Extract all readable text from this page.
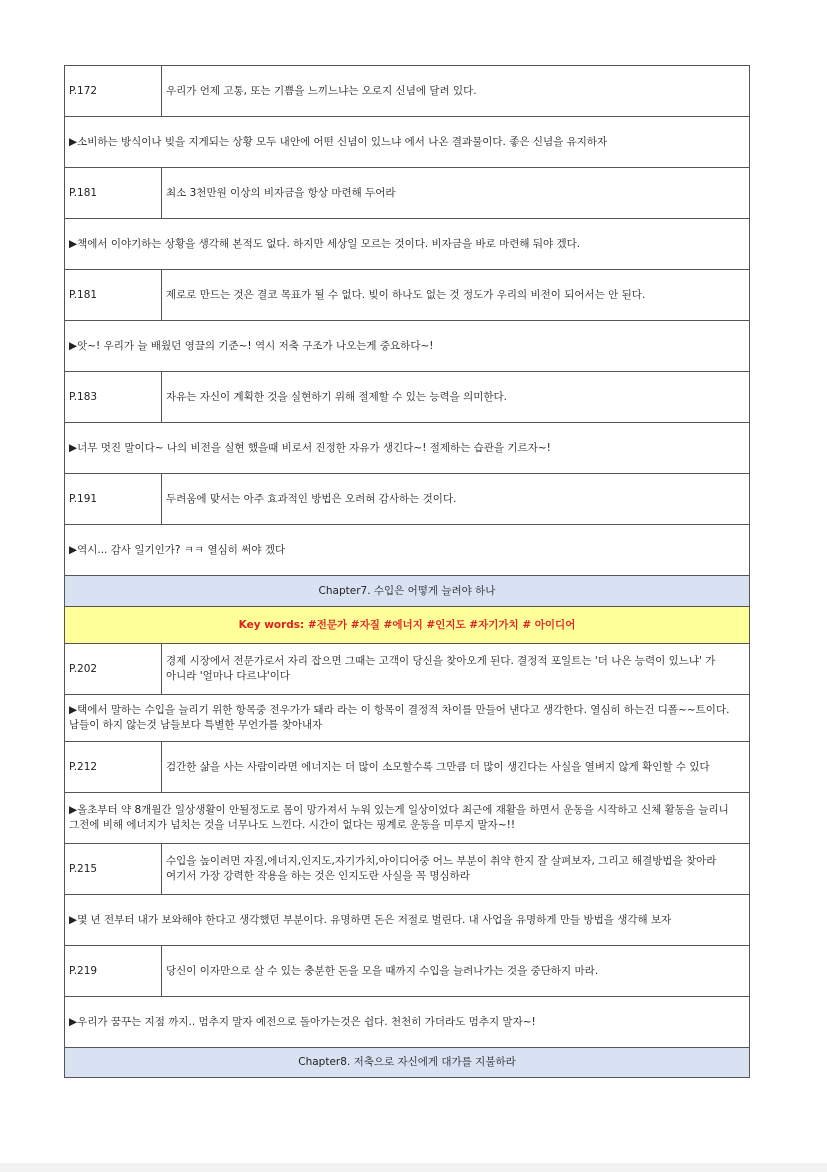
P.172	우리가 언제 고통, 또는 기쁨을 느끼느냐는 오로지 신념에 달려 있다.
▶소비하는 방식이나 빚을 지게되는 상황 모두 내안에 어떤 신념이 있느냐 에서 나온 결과물이다. 좋은 신념을 유지하자	
P.181	최소 3천만원 이상의 비자금을 항상 마련해 두어라
▶책에서 이야기하는 상황을 생각해 본적도 없다. 하지만 세상일 모르는 것이다. 비자금을 바로 마련해 둬야 겠다.	
P.181	제로로 만드는 것은 결코 목표가 될 수 없다. 빚이 하나도 없는 것 정도가 우리의 비전이 되어서는 안 된다.
▶앗~! 우리가 늘 배웠던 영끌의 기준~! 역시 저축 구조가 나오는게 중요하다~!	
P.183	자유는 자신이 계획한 것을 실현하기 위해 절제할 수 있는 능력을 의미한다.
▶너무 멋진 말이다~ 나의 비전을 실현 했을때 비로서 진정한 자유가 생긴다~! 절제하는 습관을 기르자~!	
P.191	두려움에 맞서는 아주 효과적인 방법은 오려혀 감사하는 것이다.
▶역시... 감사 일기인가? ㅋㅋ 열심히 써야 겠다	
Chapter7. 수입은 어떻게 늘려야 하나	
Key words: #전문가 #자질 #에너지 #인지도 #자기가치 # 아이디어	
P.202	경제 시장에서 전문가로서 자리 잡으면 그때는 고객이 당신을 찾아오게 된다. 결정적 포일트는 '더 나은 능력이 있느냐' 가 아니라 '얼마나 다르냐'이다
▶택에서 말하는 수입을 늘리기 위한 항목중 전우가가 돼라 라는 이 항목이 결정적 차이를 만들어 낸다고 생각한다. 열심히 하는건 디폴~~트이다. 남들이 하지 않는것 남들보다 특별한 무언가를 찾아내자	
P.212	검간한 삶을 사는 사람이라면 에너지는 더 많이 소모할수록 그만큼 더 많이 생긴다는 사실을 열벼지 않게 확인할 수 있다
▶올초부터 약 8개월간 일상생활이 안될정도로 몸이 망가져서 누워 있는게 일상이었다 최근에 재활을 하면서 운동을 시작하고 신체 활동을 늘리니 그전에 비해 에너지가 넘치는 것을 너무나도 느낀다. 시간이 없다는 핑계로 운동을 미루지 말자~!!	
P.215	수입을 높이려면 자질,에너지,인지도,자기가치,아이디어중 어느 부분이 취약 한지 잘 살펴보자, 그리고 해결방법을 찾아라 여기서 가장 강력한 작용을 하는 것은 인지도란 사실을 꼭 명심하라
▶몇 년 전부터 내가 보와해야 한다고 생각했던 부분이다. 유명하면 돈은 저절로 벌린다. 내 사업을 유명하게 만들 방법을 생각해 보자	
P.219	당신이 이자만으로 살 수 있는 충분한 돈을 모을 때까지 수입을 늘려나가는 것을 중단하지 마라.
▶우리가 꿈꾸는 지점 까지.. 멈추지 말자 예전으로 돌아가는것은 쉽다. 천천히 가더라도 멈추지 말자~!	
Chapter8. 저축으로 자신에게 대가를 지불하라	
